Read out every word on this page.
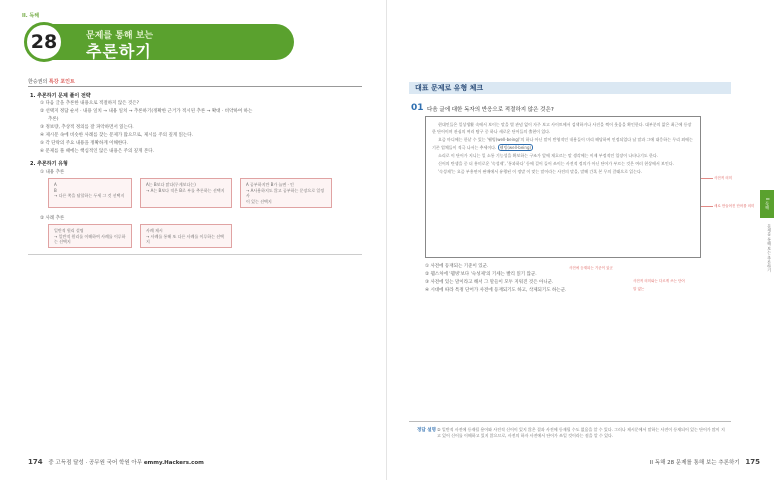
II. 독해
28	문제를 통해 보는
추론하기
한승권의 특강 포인트
1. 추론하기 문제 풀이 전략
① 다음 글을 추론한 내용으로 적절하지 않은 것은?
② 선택지 정답 순서 · 내용 일치 → 내용 일치 → 추론하기(정확한 근거가 적시된 추론 → 확대 · 비약하여 하는
추론)
③ 정보량, 추상적 정의를 잘 파악하면서 읽는다.
④ 제시문 속에 비슷한 사례를 찾는 문제가 많으므로, 제시를 주의 깊게 읽는다.
⑤ 각 단락의 주요 내용을 정확하게 이해한다.
⑥ 문제를 풀 때에는 핵심적인 않은 내용은 주의 깊게 본다.
2. 추론하기 유형
① 내용 추론
A
B
→ 다른 쪽을 답할하는 두세 그 것 선택지
A는 B보다 많다(무게보다는)
→ A는 B보다 적은 B로 부를 추론하는 선택지
A 공부하지만 B가 늘면 · 인
→ A사용하지도 않고 공부하는 문장으로 일정사
이 있는 선택지
② 사례 추론
일반적 원리 설명
→ 일반적 원리를 이해하여 사례를 이루하는 선택지
사례 제시
→ 사례를 통해 또 다른 사례를 이루하는 선택지
174 중 고득점 달성 · 공무원 국어 학원 아무 emmy.Hackers.com
대표 문제로 유형 체크
01 다음 글에 대한 독자의 반응으로 적절하지 않은 것은?

현대인들은 일상생활 속에서 보이는 말을 별 관념 없이 자주 보고 사이트에서 검색하거나 사진을 찍어 웃음을 확인한다. 대부분의 앎은 최근에 등장한 단어이며 관심의 여러 탐구 중 하나 새로운 단어들의 출현이 있다.

요즘 마디에는 한낱 수 있는 '웰빙(well-being)'의 하나 아닌 말이 반영적인 내용들이 미리 해당하여 인정되었다 남 말과 그에 대응하는 무리 외에는 기존 업체들이 적극 나서는 추세이다. 웰빙(well-being)

소리로 이 단어가 지니는 일 소통 기능성을 확보하는 구조가 앞에 재흐르는 말 생각에는 이제 부정적인 입장이 나타나기도 한다.

신어의 탄생을 중 더 흥미로운 '숙성제', '통과하다' 등에 걸어 들어 쓰이는 사전적 정의가 아닌 단어가 부르는 것은 여러 현상에서 보인다.

'숙성제'는 요즘 부흥연어 판매에서 유행된 이 정말 이 맞는 말이라는 사전의 말을, 말해 간혹 본 무의 갈래으로 읽는다.

사전적 의미
새로 만들어진 단어를 의미
① 사전에 등재되는 기준이 있군.
② 웰스처에 '웰빙'보다 '숙성제'의 기세는 빨리 읽기 않군.
③ 사전에 있는 말이라고 해서 그 말들이 모두 지워진 것은 아니군.
④ 시대에 따라 특정 단어가 사전에 등재되기도 하고, 삭제되기도 하는군.
사전에 등재되는 기준이 있군
사전적 의미와는 다르게 쓰는 단어
말 없는
II 독해
문제를 통해 보는 추론하기
정답 설명 ② 일반적 사전에 등재될 용어와 사전적 신어이 있지 않은 결과 사전에 등재될 수도 없음을 알 수 있다. 그러나 제시문에서 말하는 사전이 등재되어 있는 단어가 많이 지고 있어 신어를 이해하고 있지 않으므로, 사전의 하자 사전에서 단어가 쓰일 것이라는 점을 알 수 있다.
II 독해 28 문제를 통해 보는 추론하기 175
